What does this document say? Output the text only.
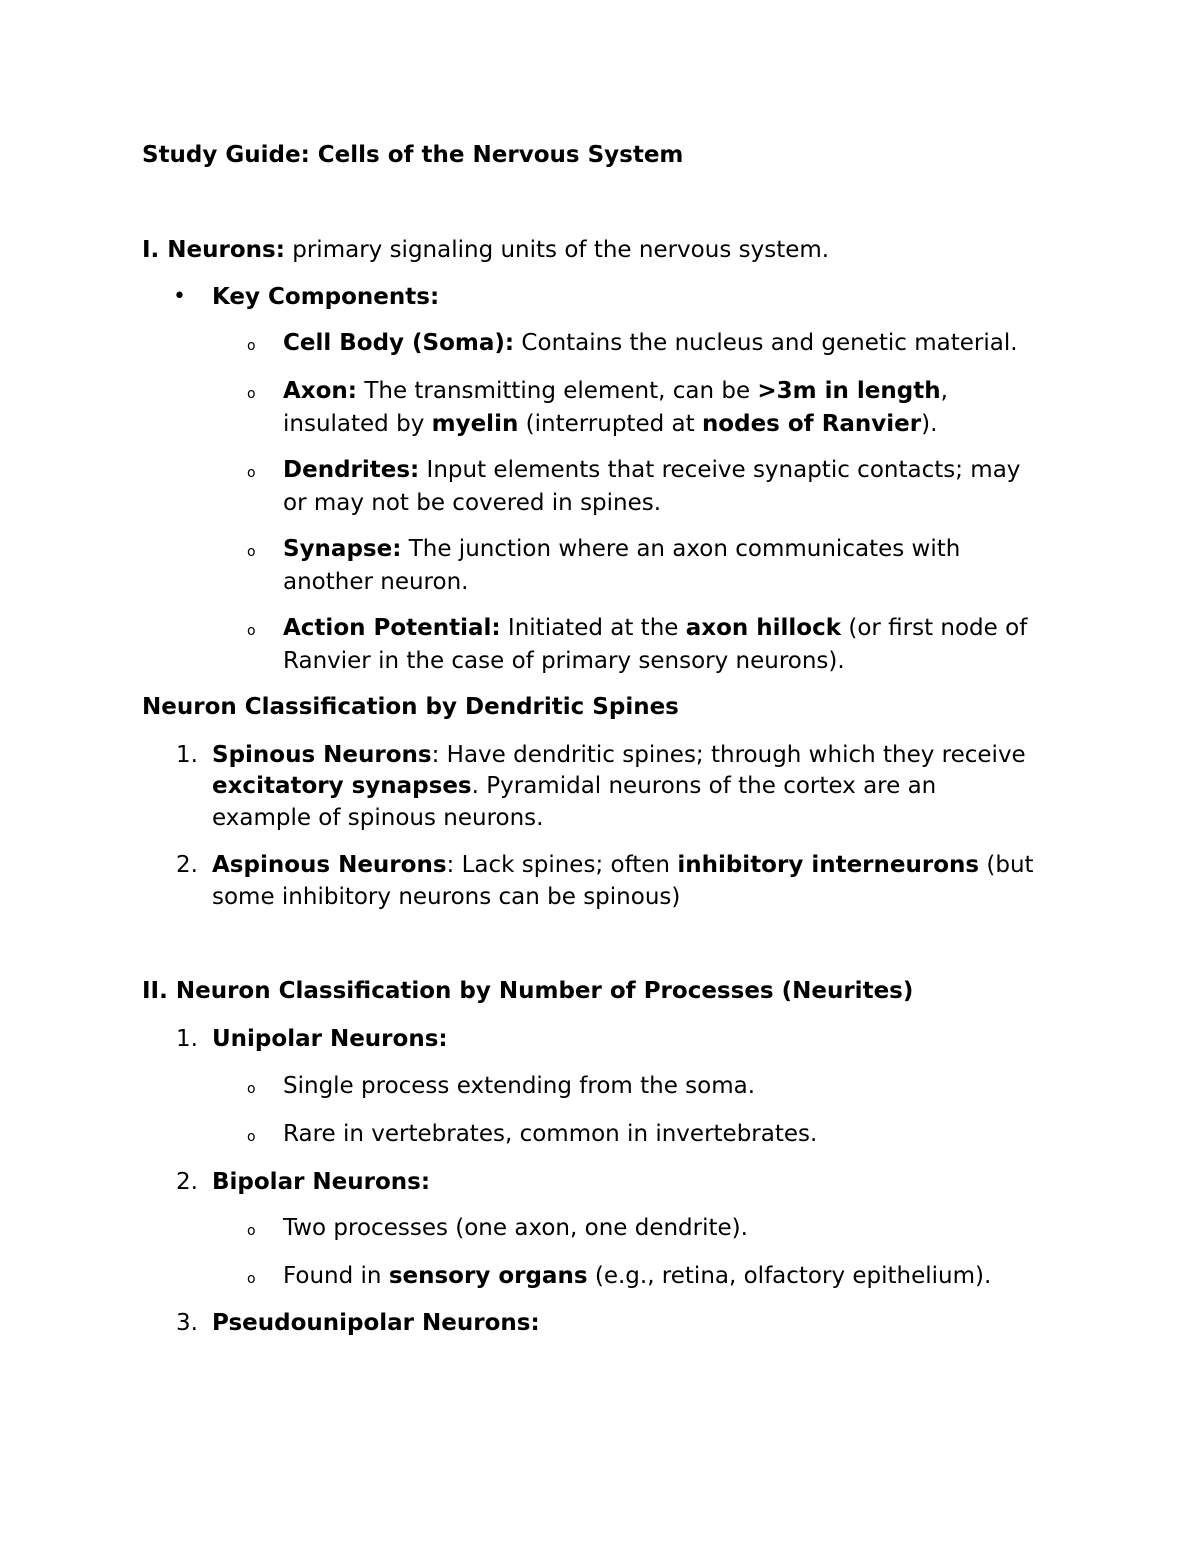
Study Guide: Cells of the Nervous System

I. Neurons: primary signaling units of the nervous system.

• Key Components:

o Cell Body (Soma): Contains the nucleus and genetic material.

o Axon: The transmitting element, can be >3m in length,

insulated by myelin (interrupted at nodes of Ranvier).

o Dendrites: Input elements that receive synaptic contacts; may

or may not be covered in spines.

o Synapse: The junction where an axon communicates with

another neuron.

o Action Potential: Initiated at the axon hillock (or first node of

Ranvier in the case of primary sensory neurons).

Neuron Classification by Dendritic Spines

1. Spinous Neurons: Have dendritic spines; through which they receive

excitatory synapses. Pyramidal neurons of the cortex are an

example of spinous neurons.

2. Aspinous Neurons: Lack spines; often inhibitory interneurons (but

some inhibitory neurons can be spinous)

II. Neuron Classification by Number of Processes (Neurites)

1. Unipolar Neurons:

o Single process extending from the soma.

o Rare in vertebrates, common in invertebrates.

2. Bipolar Neurons:

o Two processes (one axon, one dendrite).

o Found in sensory organs (e.g., retina, olfactory epithelium).

3. Pseudounipolar Neurons:
